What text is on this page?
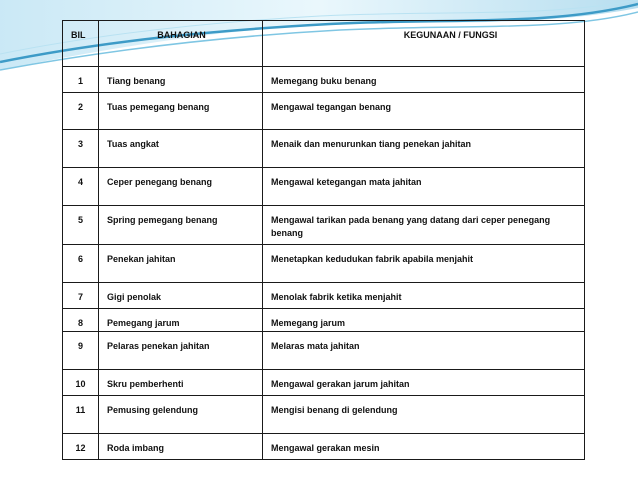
BIL	BAHAGIAN	KEGUNAAN / FUNGSI
1	Tiang benang	Memegang buku benang
2	Tuas pemegang benang	Mengawal tegangan benang
3	Tuas angkat	Menaik dan menurunkan tiang penekan jahitan
4	Ceper penegang benang	Mengawal ketegangan mata jahitan
5	Spring pemegang benang	Mengawal tarikan pada benang yang datang dari ceper penegang benang
6	Penekan jahitan	Menetapkan kedudukan fabrik apabila menjahit
7	Gigi penolak	Menolak fabrik ketika menjahit
8	Pemegang jarum	Memegang jarum
9	Pelaras penekan jahitan	Melaras mata jahitan
10	Skru pemberhenti	Mengawal gerakan jarum jahitan
11	Pemusing gelendung	Mengisi benang di gelendung
12	Roda imbang	Mengawal gerakan mesin
